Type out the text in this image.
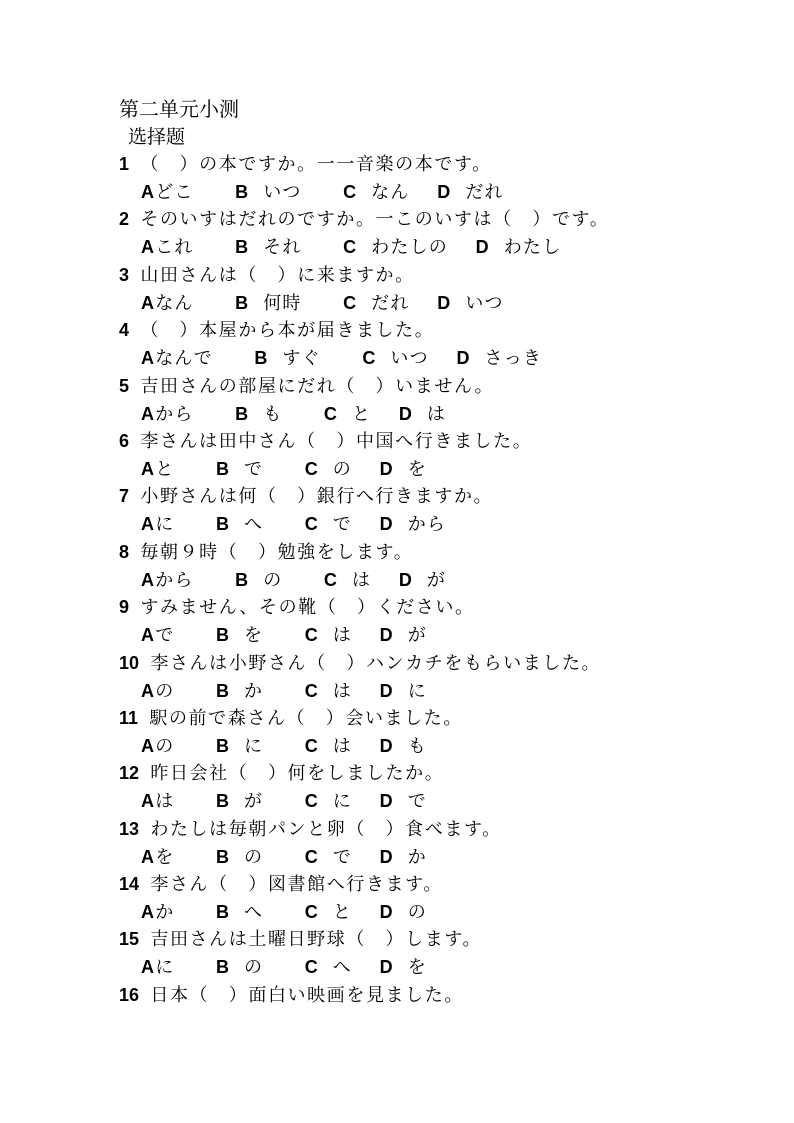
第二单元小测
选择题
1 （　）の本ですか。一一音楽の本です。
Aどこ B いつ C なん D だれ
2 そのいすはだれのですか。一このいすは（　）です。
Aこれ B それ C わたしの D わたし
3 山田さんは（　）に来ますか。
Aなん B 何時 C だれ D いつ
4 （　）本屋から本が届きました。
Aなんで B すぐ C いつ D さっき
5 吉田さんの部屋にだれ（　）いません。
Aから B も C と D は
6 李さんは田中さん（　）中国へ行きました。
Aと B で C の D を
7 小野さんは何（　）銀行へ行きますか。
Aに B へ C で D から
8 毎朝９時（　）勉強をします。
Aから B の C は D が
9 すみません、その靴（　）ください。
Aで B を C は D が
10 李さんは小野さん（　）ハンカチをもらいました。
Aの B か C は D に
11 駅の前で森さん（　）会いました。
Aの B に C は D も
12 昨日会社（　）何をしましたか。
Aは B が C に D で
13 わたしは毎朝パンと卵（　）食べます。
Aを B の C で D か
14 李さん（　）図書館へ行きます。
Aか B へ C と D の
15 吉田さんは土曜日野球（　）します。
Aに B の C へ D を
16 日本（　）面白い映画を見ました。
